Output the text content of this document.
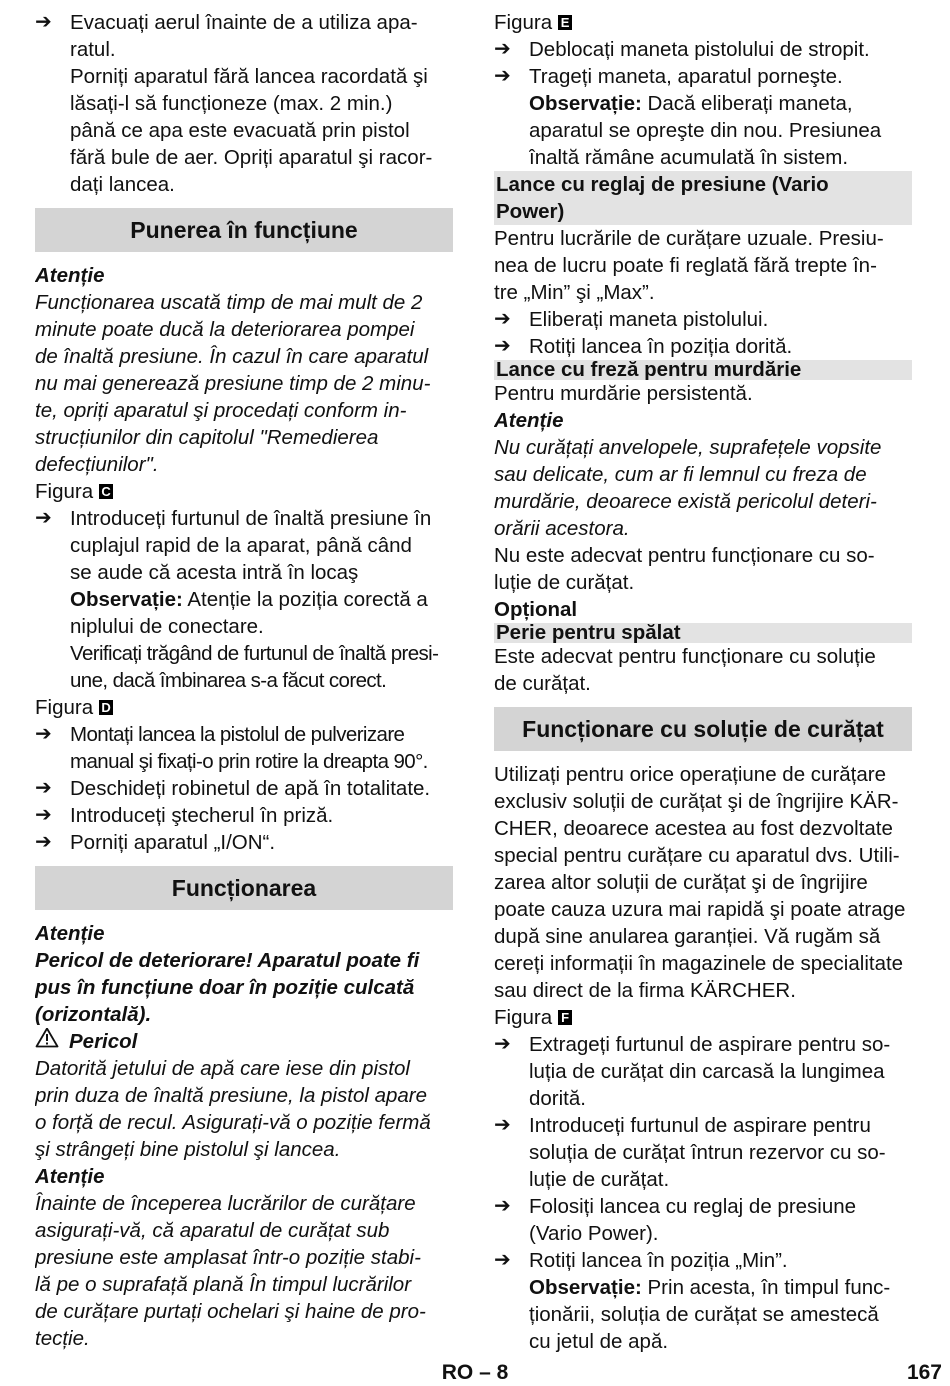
➔ Evacuați aerul înainte de a utiliza apa-
ratul.
Porniți aparatul fără lancea racordată şi
lăsați-l să funcționeze (max. 2 min.)
până ce apa este evacuată prin pistol
fără bule de aer. Opriți aparatul şi racor-
dați lancea.
Punerea în funcțiune
Atenție
Funcționarea uscată timp de mai mult de 2
minute poate ducă la deteriorarea pompei
de înaltă presiune. În cazul în care aparatul
nu mai generează presiune timp de 2 minu-
te, opriți aparatul şi procedați conform in-
strucțiunilor din capitolul "Remedierea
defecțiunilor".
Figura C
➔ Introduceți furtunul de înaltă presiune în
cuplajul rapid de la aparat, până când
se aude că acesta intră în locaş
Observație: Atenție la poziția corectă a
niplului de conectare.
Verificați trăgând de furtunul de înaltă presi-
une, dacă îmbinarea s-a făcut corect.
Figura D
➔ Montați lancea la pistolul de pulverizare
manual şi fixați-o prin rotire la dreapta 90°.
➔ Deschideți robinetul de apă în totalitate.
➔ Introduceți ştecherul în priză.
➔ Porniți aparatul „I/ON“.
Funcționarea
Atenție
Pericol de deteriorare! Aparatul poate fi
pus în funcțiune doar în poziție culcată
(orizontală).
Pericol
Datorită jetului de apă care iese din pistol
prin duza de înaltă presiune, la pistol apare
o forță de recul. Asigurați-vă o poziție fermă
şi strângeți bine pistolul şi lancea.
Atenție
Înainte de începerea lucrărilor de curățare
asigurați-vă, că aparatul de curățat sub
presiune este amplasat într-o poziție stabi-
lă pe o suprafață plană În timpul lucrărilor
de curățare purtați ochelari şi haine de pro-
tecție.
Figura E
➔ Deblocați maneta pistolului de stropit.
➔ Trageți maneta, aparatul porneşte.
Observație: Dacă eliberați maneta,
aparatul se opreşte din nou. Presiunea
înaltă rămâne acumulată în sistem.
Lance cu reglaj de presiune (Vario
Power)
Pentru lucrările de curățare uzuale. Presiu-
nea de lucru poate fi reglată fără trepte în-
tre „Min” şi „Max”.
➔ Eliberați maneta pistolului.
➔ Rotiți lancea în poziția dorită.
Lance cu freză pentru murdărie
Pentru murdărie persistentă.
Atenție
Nu curățați anvelopele, suprafețele vopsite
sau delicate, cum ar fi lemnul cu freza de
murdărie, deoarece există pericolul deteri-
orării acestora.
Nu este adecvat pentru funcționare cu so-
luție de curățat.
Opțional
Perie pentru spălat
Este adecvat pentru funcționare cu soluție
de curățat.
Funcționare cu soluție de curățat
Utilizați pentru orice operațiune de curățare
exclusiv soluții de curățat şi de îngrijire KÄR-
CHER, deoarece acestea au fost dezvoltate
special pentru curățare cu aparatul dvs. Utili-
zarea altor soluții de curățat şi de îngrijire
poate cauza uzura mai rapidă şi poate atrage
după sine anularea garanției. Vă rugăm să
cereți informații în magazinele de specialitate
sau direct de la firma KÄRCHER.
Figura F
➔ Extrageți furtunul de aspirare pentru so-
luția de curățat din carcasă la lungimea
dorită.
➔ Introduceți furtunul de aspirare pentru
soluția de curățat întrun rezervor cu so-
luție de curățat.
➔ Folosiți lancea cu reglaj de presiune
(Vario Power).
➔ Rotiți lancea în poziția „Min”.
Observație: Prin acesta, în timpul func-
ționării, soluția de curățat se amestecă
cu jetul de apă.
RO – 8	167
